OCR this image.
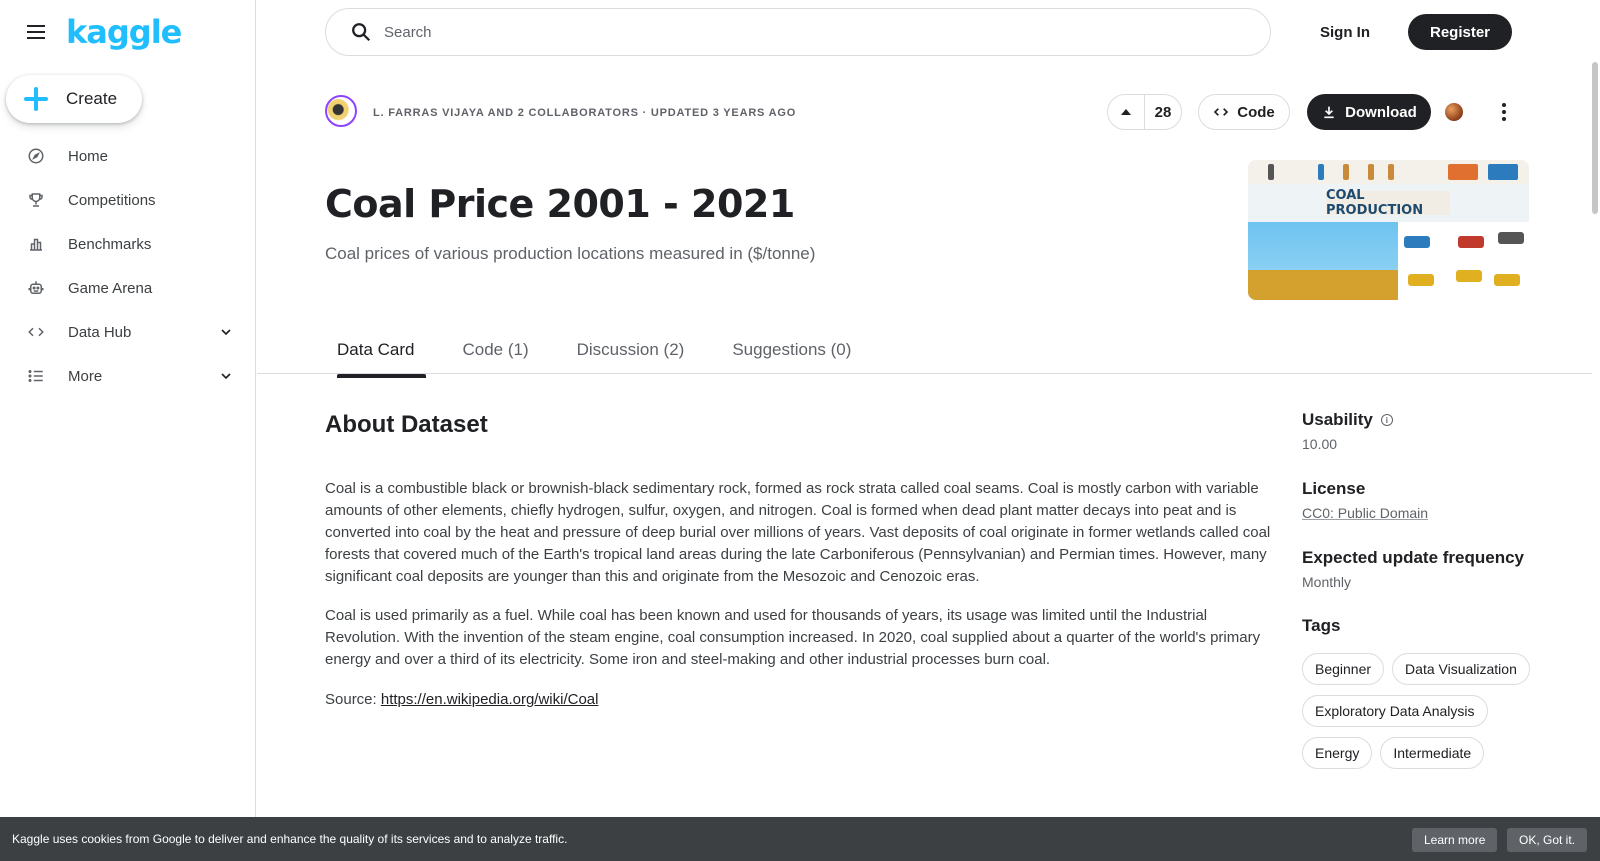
kaggle
Create
Home
Competitions
Benchmarks
Game Arena
Data Hub
More
Search
Sign In	Register
L. FARRAS VIJAYA AND 2 COLLABORATORS · UPDATED 3 YEARS AGO	28	Code	Download
Coal Price 2001 - 2021
Coal prices of various production locations measured in ($/tonne)
COAL PRODUCTION
Data Card	Code (1)	Discussion (2)	Suggestions (0)
About Dataset

Coal is a combustible black or brownish-black sedimentary rock, formed as rock strata called coal seams. Coal is mostly carbon with variable amounts of other elements, chiefly hydrogen, sulfur, oxygen, and nitrogen. Coal is formed when dead plant matter decays into peat and is converted into coal by the heat and pressure of deep burial over millions of years. Vast deposits of coal originate in former wetlands called coal forests that covered much of the Earth's tropical land areas during the late Carboniferous (Pennsylvanian) and Permian times. However, many significant coal deposits are younger than this and originate from the Mesozoic and Cenozoic eras.

Coal is used primarily as a fuel. While coal has been known and used for thousands of years, its usage was limited until the Industrial Revolution. With the invention of the steam engine, coal consumption increased. In 2020, coal supplied about a quarter of the world's primary energy and over a third of its electricity. Some iron and steel-making and other industrial processes burn coal.

Source: https://en.wikipedia.org/wiki/Coal

Usability	i
10.00
License
CC0: Public Domain
Expected update frequency
Monthly
Tags
Beginner	Data Visualization
Exploratory Data Analysis
Energy	Intermediate
Kaggle uses cookies from Google to deliver and enhance the quality of its services and to analyze traffic.	Learn more	OK, Got it.
